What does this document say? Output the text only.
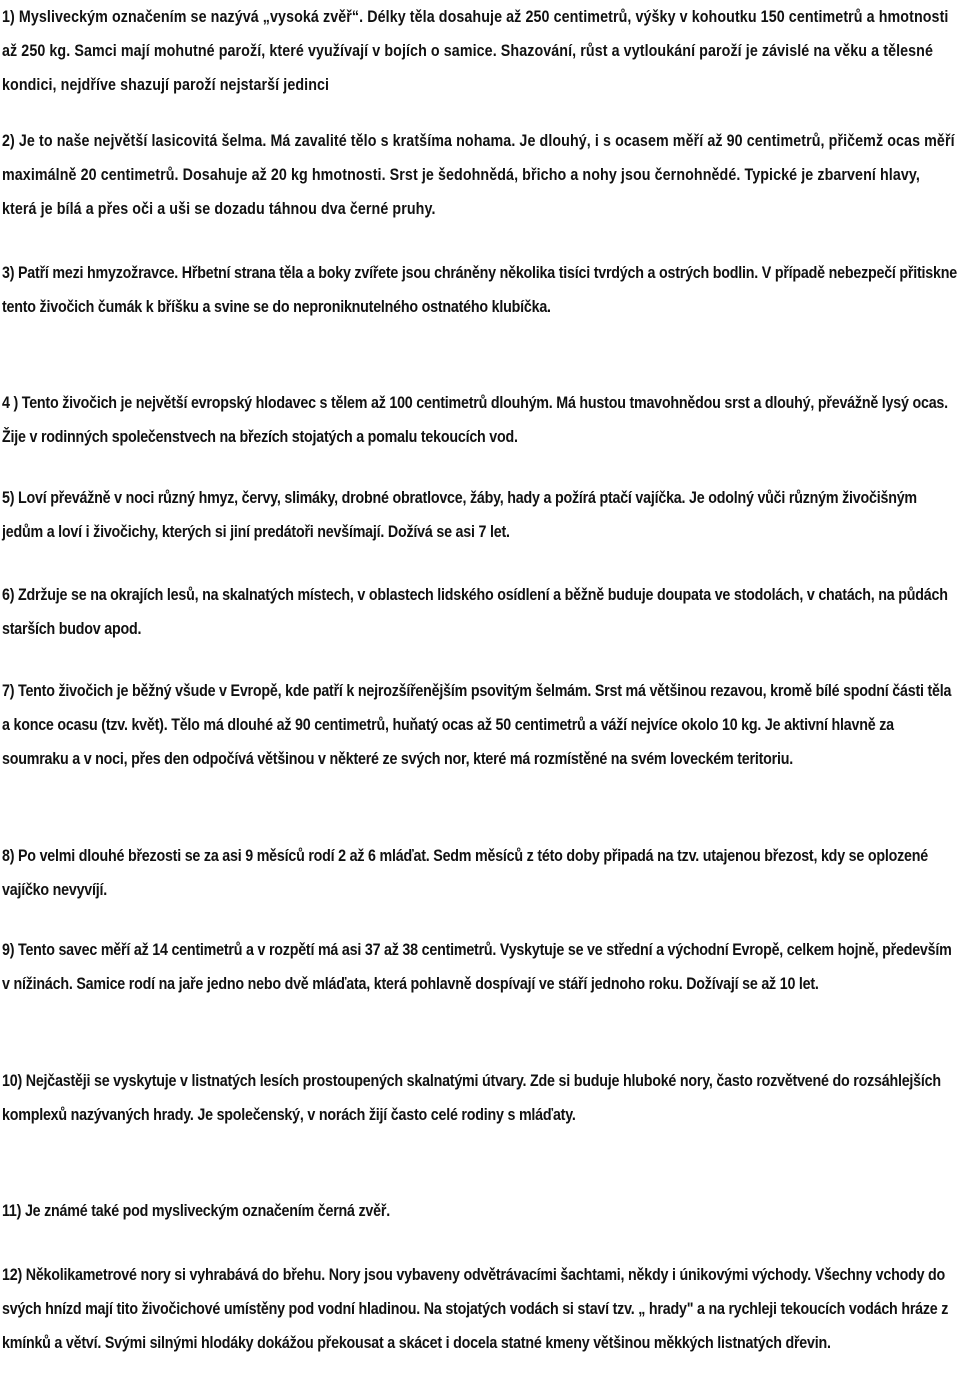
1) Mysliveckým označením se nazývá „vysoká zvěř“. Délky těla dosahuje až 250 centimetrů, výšky v kohoutku 150 centimetrů a hmotnosti až 250 kg. Samci mají mohutné paroží, které využívají v bojích o samice. Shazování, růst a vytloukání paroží je závislé na věku a tělesné kondici, nejdříve shazují paroží nejstarší jedinci

2) Je to naše největší lasicovitá šelma. Má zavalité tělo s kratšíma nohama. Je dlouhý, i s ocasem měří až 90 centimetrů, přičemž ocas měří maximálně 20 centimetrů. Dosahuje až 20 kg hmotnosti. Srst je šedohnědá, břicho a nohy jsou černohnědé. Typické je zbarvení hlavy, která je bílá a přes oči a uši se dozadu táhnou dva černé pruhy.

3) Patří mezi hmyzožravce. Hřbetní strana těla a boky zvířete jsou chráněny několika tisíci tvrdých a ostrých bodlin. V případě nebezpečí přitiskne tento živočich čumák k bříšku a svine se do neproniknutelného ostnatého klubíčka.

4 ) Tento živočich je největší evropský hlodavec s tělem až 100 centimetrů dlouhým. Má hustou tmavohnědou srst a dlouhý, převážně lysý ocas. Žije v rodinných společenstvech na březích stojatých a pomalu tekoucích vod.

5) Loví převážně v noci různý hmyz, červy, slimáky, drobné obratlovce, žáby, hady a požírá ptačí vajíčka. Je odolný vůči různým živočišným jedům a loví i živočichy, kterých si jiní predátoři nevšímají. Dožívá se asi 7 let.

6) Zdržuje se na okrajích lesů, na skalnatých místech, v oblastech lidského osídlení a běžně buduje doupata ve stodolách, v chatách, na půdách starších budov apod.

7) Tento živočich je běžný všude v Evropě, kde patří k nejrozšířenějším psovitým šelmám. Srst má většinou rezavou, kromě bílé spodní části těla a konce ocasu (tzv. květ). Tělo má dlouhé až 90 centimetrů, huňatý ocas až 50 centimetrů a váží nejvíce okolo 10 kg. Je aktivní hlavně za soumraku a v noci, přes den odpočívá většinou v některé ze svých nor, které má rozmístěné na svém loveckém teritoriu.

8) Po velmi dlouhé březosti se za asi 9 měsíců rodí 2 až 6 mláďat. Sedm měsíců z této doby připadá na tzv. utajenou březost, kdy se oplozené vajíčko nevyvíjí.

9) Tento savec měří až 14 centimetrů a v rozpětí má asi 37 až 38 centimetrů. Vyskytuje se ve střední a východní Evropě, celkem hojně, především v nížinách. Samice rodí na jaře jedno nebo dvě mláďata, která pohlavně dospívají ve stáří jednoho roku. Dožívají se až 10 let.

10) Nejčastěji se vyskytuje v listnatých lesích prostoupených skalnatými útvary. Zde si buduje hluboké nory, často rozvětvené do rozsáhlejších komplexů nazývaných hrady. Je společenský, v norách žijí často celé rodiny s mláďaty.

11) Je známé také pod mysliveckým označením černá zvěř.

12) Několikametrové nory si vyhrabává do břehu. Nory jsou vybaveny odvětrávacími šachtami, někdy i únikovými východy. Všechny vchody do svých hnízd mají tito živočichové umístěny pod vodní hladinou. Na stojatých vodách si staví tzv. „ hrady" a na rychleji tekoucích vodách hráze z kmínků a větví. Svými silnými hlodáky dokážou překousat a skácet i docela statné kmeny většinou měkkých listnatých dřevin.
